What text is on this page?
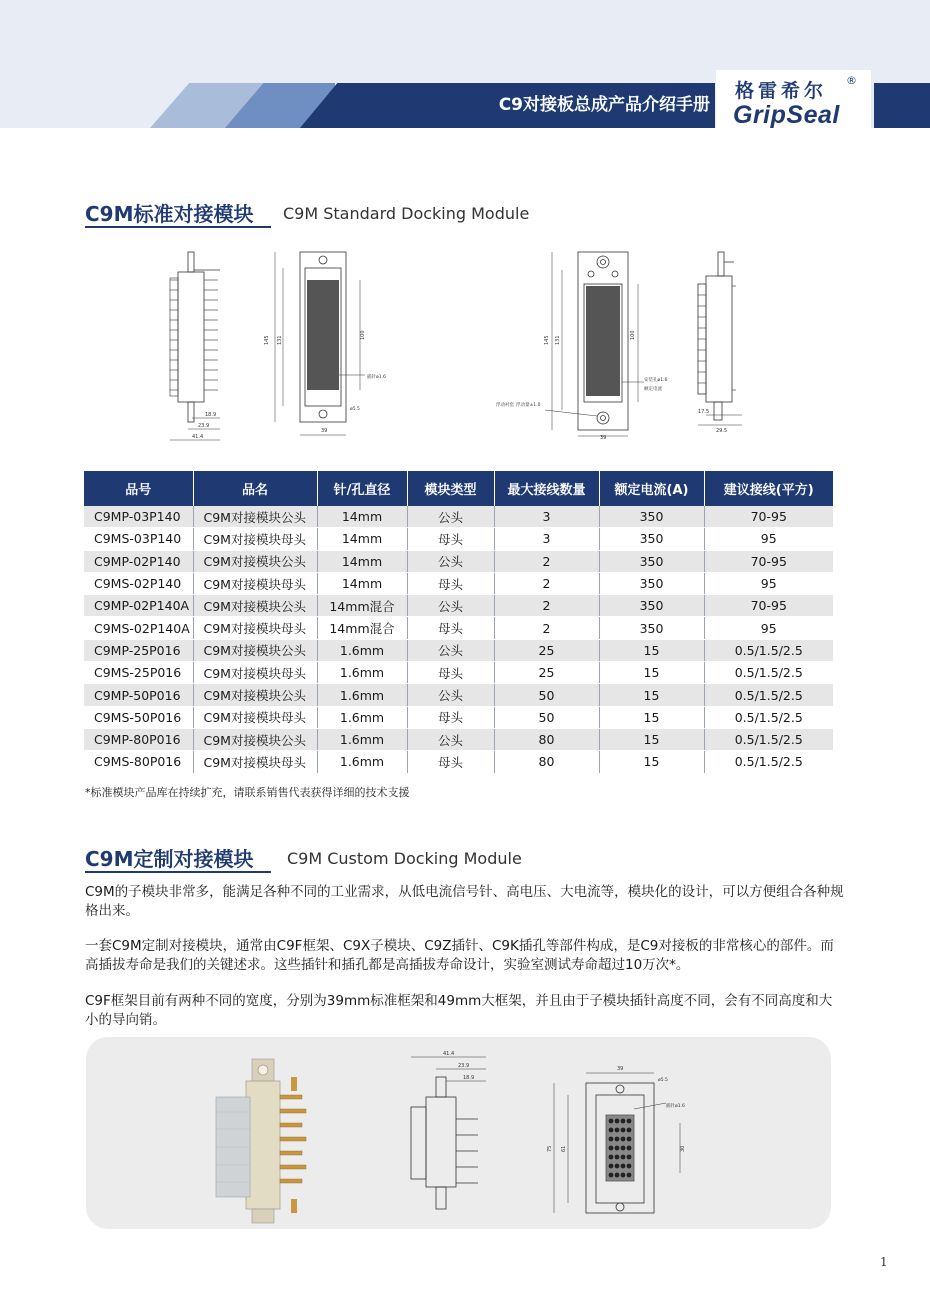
C9对接板总成产品介绍手册
格雷希尔 ®
GripSeal
C9M标准对接模块 C9M Standard Docking Module
18.9
23.9
41.4
145 131
100
39
插针ø1.6
ø5.5
145 131
100
39
浮动衬套 浮动量±1.0
安装孔ø1.6
额定电流
17.5
29.5
品号	品名	针/孔直径	模块类型	最大接线数量	额定电流(A)	建议接线(平方)
C9MP-03P140	C9M对接模块公头	14mm	公头	3	350	70-95
C9MS-03P140	C9M对接模块母头	14mm	母头	3	350	95
C9MP-02P140	C9M对接模块公头	14mm	公头	2	350	70-95
C9MS-02P140	C9M对接模块母头	14mm	母头	2	350	95
C9MP-02P140A	C9M对接模块公头	14mm混合	公头	2	350	70-95
C9MS-02P140A	C9M对接模块母头	14mm混合	母头	2	350	95
C9MP-25P016	C9M对接模块公头	1.6mm	公头	25	15	0.5/1.5/2.5
C9MS-25P016	C9M对接模块母头	1.6mm	母头	25	15	0.5/1.5/2.5
C9MP-50P016	C9M对接模块公头	1.6mm	公头	50	15	0.5/1.5/2.5
C9MS-50P016	C9M对接模块母头	1.6mm	母头	50	15	0.5/1.5/2.5
C9MP-80P016	C9M对接模块公头	1.6mm	公头	80	15	0.5/1.5/2.5
C9MS-80P016	C9M对接模块母头	1.6mm	母头	80	15	0.5/1.5/2.5
*标准模块产品库在持续扩充，请联系销售代表获得详细的技术支援
C9M定制对接模块 C9M Custom Docking Module
C9M的子模块非常多，能满足各种不同的工业需求，从低电流信号针、高电压、大电流等，模块化的设计，可以方便组合各种规格出来。
一套C9M定制对接模块，通常由C9F框架、C9X子模块、C9Z插针、C9K插孔等部件构成，是C9对接板的非常核心的部件。而高插拔寿命是我们的关键述求。这些插针和插孔都是高插拔寿命设计，实验室测试寿命超过10万次*。
C9F框架目前有两种不同的宽度，分别为39mm标准框架和49mm大框架，并且由于子模块插针高度不同，会有不同高度和大小的导向销。
41.4
23.9
18.9
39
ø5.5
插针ø1.6
75 61	30
1
